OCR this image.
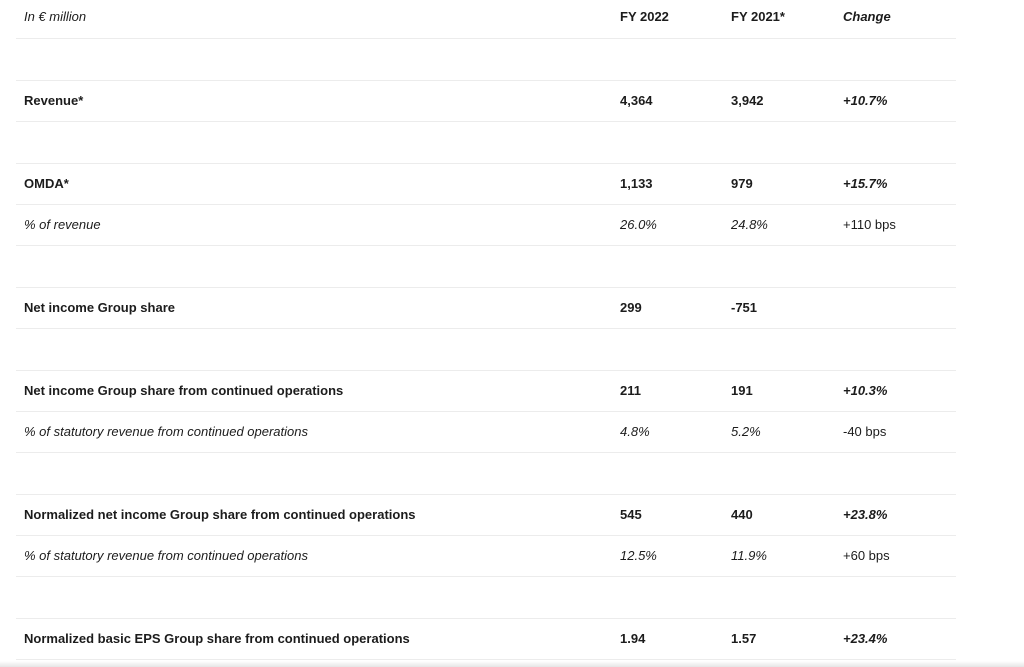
In € million	FY 2022	FY 2021*	Change
Revenue*	4,364	3,942	+10.7%
OMDA*	1,133	979	+15.7%
% of revenue	26.0%	24.8%	+110 bps
Net income Group share	299	-751
Net income Group share from continued operations	211	191	+10.3%
% of statutory revenue from continued operations	4.8%	5.2%	-40 bps
Normalized net income Group share from continued operations	545	440	+23.8%
% of statutory revenue from continued operations	12.5%	11.9%	+60 bps
Normalized basic EPS Group share from continued operations	1.94	1.57	+23.4%
